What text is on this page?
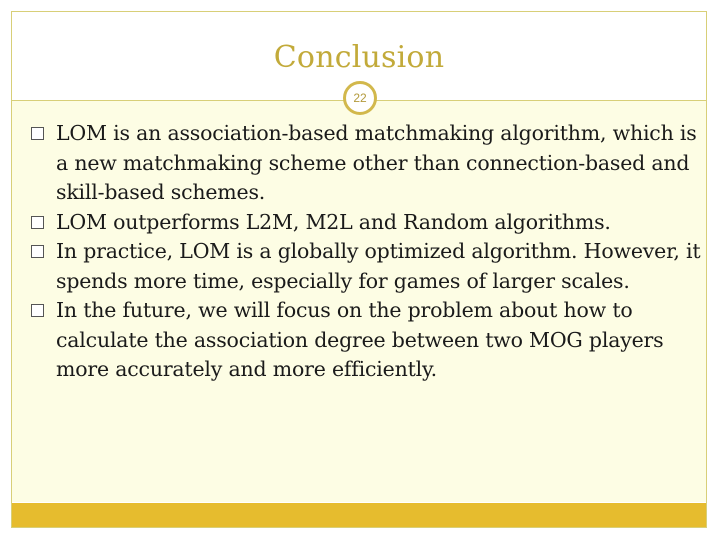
Conclusion
22
LOM is an association-based matchmaking algorithm, which is a new matchmaking scheme other than connection-based and skill-based schemes.
LOM outperforms L2M, M2L and Random algorithms.
In practice, LOM is a globally optimized algorithm. However, it spends more time, especially for games of larger scales.
In the future, we will focus on the problem about how to calculate the association degree between two MOG players more accurately and more efficiently.
